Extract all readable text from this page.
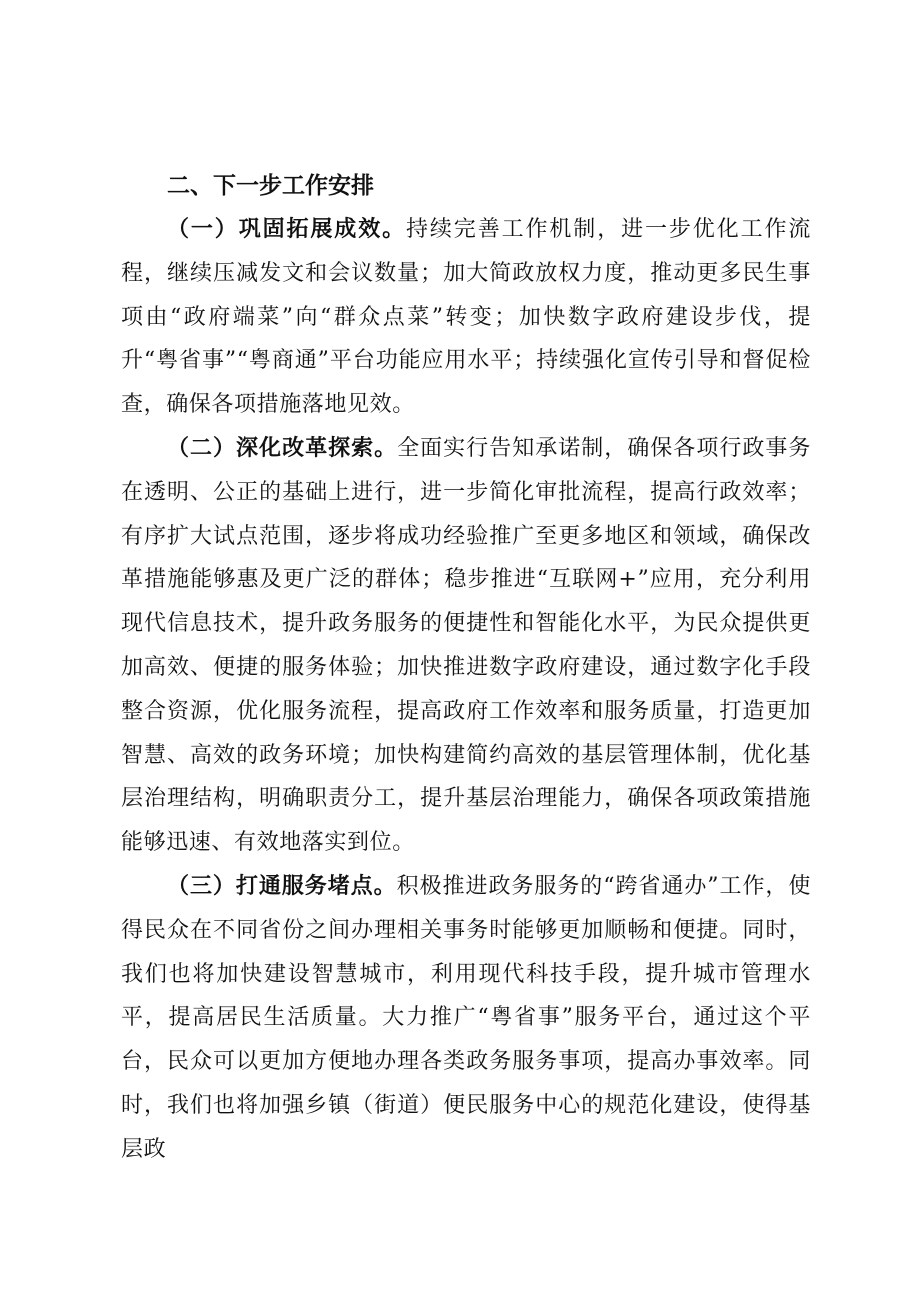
二、下一步工作安排

（一）巩固拓展成效。持续完善工作机制，进一步优化工作流程，继续压减发文和会议数量；加大简政放权力度，推动更多民生事项由“政府端菜”向“群众点菜”转变；加快数字政府建设步伐，提升“粤省事”“粤商通”平台功能应用水平；持续强化宣传引导和督促检查，确保各项措施落地见效。

（二）深化改革探索。全面实行告知承诺制，确保各项行政事务在透明、公正的基础上进行，进一步简化审批流程，提高行政效率；有序扩大试点范围，逐步将成功经验推广至更多地区和领域，确保改革措施能够惠及更广泛的群体；稳步推进“互联网+”应用，充分利用现代信息技术，提升政务服务的便捷性和智能化水平，为民众提供更加高效、便捷的服务体验；加快推进数字政府建设，通过数字化手段整合资源，优化服务流程，提高政府工作效率和服务质量，打造更加智慧、高效的政务环境；加快构建简约高效的基层管理体制，优化基层治理结构，明确职责分工，提升基层治理能力，确保各项政策措施能够迅速、有效地落实到位。

（三）打通服务堵点。积极推进政务服务的“跨省通办”工作，使得民众在不同省份之间办理相关事务时能够更加顺畅和便捷。同时，我们也将加快建设智慧城市，利用现代科技手段，提升城市管理水平，提高居民生活质量。大力推广“粤省事”服务平台，通过这个平台，民众可以更加方便地办理各类政务服务事项，提高办事效率。同时，我们也将加强乡镇（街道）便民服务中心的规范化建设，使得基层政
